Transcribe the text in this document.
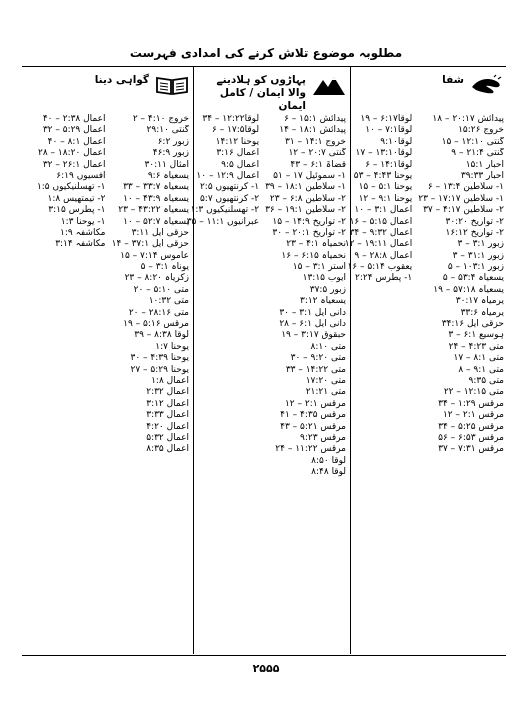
مطلوبہ موضوع تلاش کرنے کی امدادی فہرست
شفا
پیدائش ۲۰:۱۷ – ۱۸
خروج ۱۵:۲۶
گنتی ۱۲:۱۰ – ۱۵
گنتی ۲۱:۴ – ۹
احبار ۱۵:۱
احبار ۳۹:۳۳
۱- سلاطین ۱۳:۴ – ۶
۱- سلاطین ۱۷:۱۷ – ۲۳
۲- سلاطین ۴:۱۷ – ۳۷
۲- تواریخ ۳۰:۲۰
۲- تواریخ ۱۶:۱۲
زبور ۳:۱ – ۳
زبور ۳۱:۱ – ۳
زبور ۱۰۳:۱ – ۵
یسعیاہ ۵۳:۴ – ۵
یسعیاہ ۵۷:۱۸ – ۱۹
یرمیاہ ۳۰:۱۷
یرمیاہ ۳۳:۶
حزقی ایل ۳۴:۱۶
ہوسیع ۶:۱ – ۳
متی ۴:۲۳ – ۲۴
متی ۸:۱ – ۱۷
متی ۹:۱ – ۸
متی ۹:۳۵
متی ۱۲:۱۵ – ۲۲
مرقس ۱:۲۹ – ۳۴
مرقس ۲:۱ – ۱۲
مرقس ۵:۲۵ – ۳۴
مرقس ۶:۵۳ – ۵۶
مرقس ۷:۳۱ – ۳۷
لوقا۶:۱۷ – ۱۹
لوقا۷:۱ – ۱۰
لوقا۹:۱۰
لوقا۱۳:۱۰ – ۱۷
لوقا۱۴:۱ – ۶
یوحنا ۴:۴۳ – ۵۳
یوحنا ۵:۱ – ۱۵
یوحنا ۹:۱ – ۱۲
اعمال ۳:۱ – ۱۰
اعمال ۵:۱۵ – ۱۶
اعمال ۹:۳۲ – ۳۴
اعمال ۱۹:۱۱ – ۱۲
اعمال ۲۸:۸ – ۹
یعقوب ۵:۱۴ – ۱۶
۱- پطرس ۲:۲۴
پہاڑوں کو ہلادینے والا ایمان / کامل ایمان
پیدائش ۱۵:۱ – ۶
پیدائش ۱۸:۱ – ۱۴
خروج ۱۴:۱ – ۳۱
گنتی ۲۰:۷ – ۱۲
قضاۃ ۶:۱ – ۴۳
۱- سموئیل ۱۷ – ۵۱
۱- سلاطین ۱۸:۱ – ۳۹
۲- سلاطین ۶:۸ – ۲۳
۲- سلاطین ۱۹:۱ – ۳۶
۲- تواریخ ۱۴:۹ – ۱۵
۲- تواریخ ۲۰:۱ – ۳۰
نحمیاہ ۴:۱ – ۲۳
نحمیاہ ۶:۱۵ – ۱۶
آستر ۳:۱ – ۱۵
ایوب ۱۳:۱۵
زبور ۳۷:۵
یسعیاہ ۳:۱۲
دانی ایل ۳:۱ – ۳۰
دانی ایل ۶:۱ – ۲۸
حبقوق ۳:۱۷ – ۱۹
متی ۸:۱۰
متی ۹:۲۰ – ۳۰
متی ۱۴:۲۲ – ۳۳
متی ۱۷:۲۰
متی ۲۱:۲۱
مرقس ۲:۱ – ۱۲
مرقس ۴:۳۵ – ۴۱
مرقس ۵:۲۱ – ۴۳
مرقس ۹:۲۳
مرقس ۱۱:۲۲ – ۲۴
لوقا ۸:۵۰
لوقا ۸:۴۸
لوقا۱۲:۲۲ – ۳۴
لوقا۱۷:۵ – ۶
یوحنا ۱۴:۱۲
اعمال ۳:۱۶
اعمال ۹:۵
اعمال ۱۲:۹ – ۱۰
۱- کرنتھیوں ۲:۵
۲- کرنتھیوں ۵:۷
۲- تھسلنیکیوں ۱:۳
عبرانیوں ۱۱:۱ – ۳۵
گواہی دینا
خروج ۴:۱۰ – ۲
گنتی ۲۹:۱۰
زبور ۶:۲
زبور ۴۶:۹
امثال ۳۰:۱۱
یسعیاہ ۹:۶
یسعیاہ ۳۳:۷ – ۳۳
یسعیاہ ۴۳:۹ – ۱۰
یسعیاہ ۴۳:۲۲ – ۲۳
یسعیاہ ۵۲:۷ – ۱۰
حزقی ایل ۳:۱۱
حزقی ایل ۳۷:۱ – ۱۴
عاموس ۷:۱۴ – ۱۵
یوناہ ۳:۱ – ۵
زکریاہ ۸:۲۰ – ۲۳
متی ۵:۱۰ – ۲۰
متی ۱۰:۳۲
متی ۲۸:۱۶ – ۲۰
مرقس ۵:۱۶ – ۱۹
لوقا ۸:۳۸ – ۳۹
یوحنا ۱:۷
یوحنا ۴:۳۹ – ۳۰
یوحنا ۵:۲۹ – ۲۷
اعمال ۱:۸
اعمال ۲:۳۲
اعمال ۳:۱۲
اعمال ۳:۳۳
اعمال ۴:۲۰
اعمال ۵:۳۲
اعمال ۸:۳۵
اعمال ۲:۳۸ – ۴۰
اعمال ۵:۲۹ – ۳۲
اعمال ۸:۱ – ۴۰
اعمال ۱۸:۲۰ – ۲۸
اعمال ۲۶:۱ – ۳۲
افسیوں ۶:۱۹
۱- تھسلنیکیوں ۱:۵
۲- تیمتھیس ۱:۸
۱- پطرس ۳:۱۵
۱- یوحنا ۱:۳
مکاشفہ ۱:۹
مکاشفہ ۳:۱۴
۲۵۵۵
